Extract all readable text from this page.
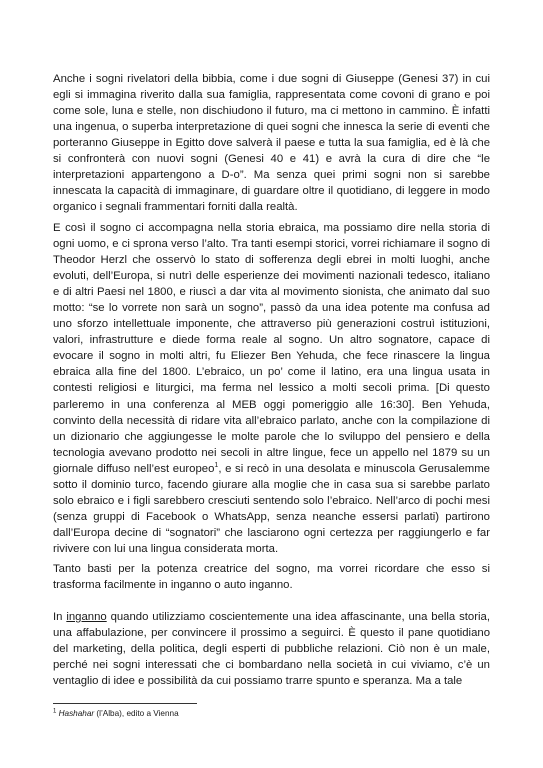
Anche i sogni rivelatori della bibbia, come i due sogni di Giuseppe (Genesi 37) in cui egli si immagina riverito dalla sua famiglia, rappresentata come covoni di grano e poi come sole, luna e stelle, non dischiudono il futuro, ma ci mettono in cammino. È infatti una ingenua, o superba interpretazione di quei sogni che innesca la serie di eventi che porteranno Giuseppe in Egitto dove salverà il paese e tutta la sua famiglia, ed è là che si confronterà con nuovi sogni (Genesi 40 e 41) e avrà la cura di dire che “le interpretazioni appartengono a D-o”. Ma senza quei primi sogni non si sarebbe innescata la capacità di immaginare, di guardare oltre il quotidiano, di leggere in modo organico i segnali frammentari forniti dalla realtà.

E così il sogno ci accompagna nella storia ebraica, ma possiamo dire nella storia di ogni uomo, e ci sprona verso l’alto. Tra tanti esempi storici, vorrei richiamare il sogno di Theodor Herzl che osservò lo stato di sofferenza degli ebrei in molti luoghi, anche evoluti, dell’Europa, si nutrì delle esperienze dei movimenti nazionali tedesco, italiano e di altri Paesi nel 1800, e riuscì a dar vita al movimento sionista, che animato dal suo motto: “se lo vorrete non sarà un sogno”, passò da una idea potente ma confusa ad uno sforzo intellettuale imponente, che attraverso più generazioni costruì istituzioni, valori, infrastrutture e diede forma reale al sogno. Un altro sognatore, capace di evocare il sogno in molti altri, fu Eliezer Ben Yehuda, che fece rinascere la lingua ebraica alla fine del 1800. L’ebraico, un po’ come il latino, era una lingua usata in contesti religiosi e liturgici, ma ferma nel lessico a molti secoli prima. [Di questo parleremo in una conferenza al MEB oggi pomeriggio alle 16:30]. Ben Yehuda, convinto della necessità di ridare vita all’ebraico parlato, anche con la compilazione di un dizionario che aggiungesse le molte parole che lo sviluppo del pensiero e della tecnologia avevano prodotto nei secoli in altre lingue, fece un appello nel 1879 su un giornale diffuso nell’est europeo$^1$, e si recò in una desolata e minuscola Gerusalemme sotto il dominio turco, facendo giurare alla moglie che in casa sua si sarebbe parlato solo ebraico e i figli sarebbero cresciuti sentendo solo l’ebraico. Nell’arco di pochi mesi (senza gruppi di Facebook o WhatsApp, senza neanche essersi parlati) partirono dall’Europa decine di “sognatori” che lasciarono ogni certezza per raggiungerlo e far rivivere con lui una lingua considerata morta.

Tanto basti per la potenza creatrice del sogno, ma vorrei ricordare che esso si trasforma facilmente in inganno o auto inganno.

In inganno quando utilizziamo coscientemente una idea affascinante, una bella storia, una affabulazione, per convincere il prossimo a seguirci. È questo il pane quotidiano del marketing, della politica, degli esperti di pubbliche relazioni. Ciò non è un male, perché nei sogni interessati che ci bombardano nella società in cui viviamo, c’è un ventaglio di idee e possibilità da cui possiamo trarre spunto e speranza. Ma a tale

$^1$ Hashahar (l’Alba), edito a Vienna
